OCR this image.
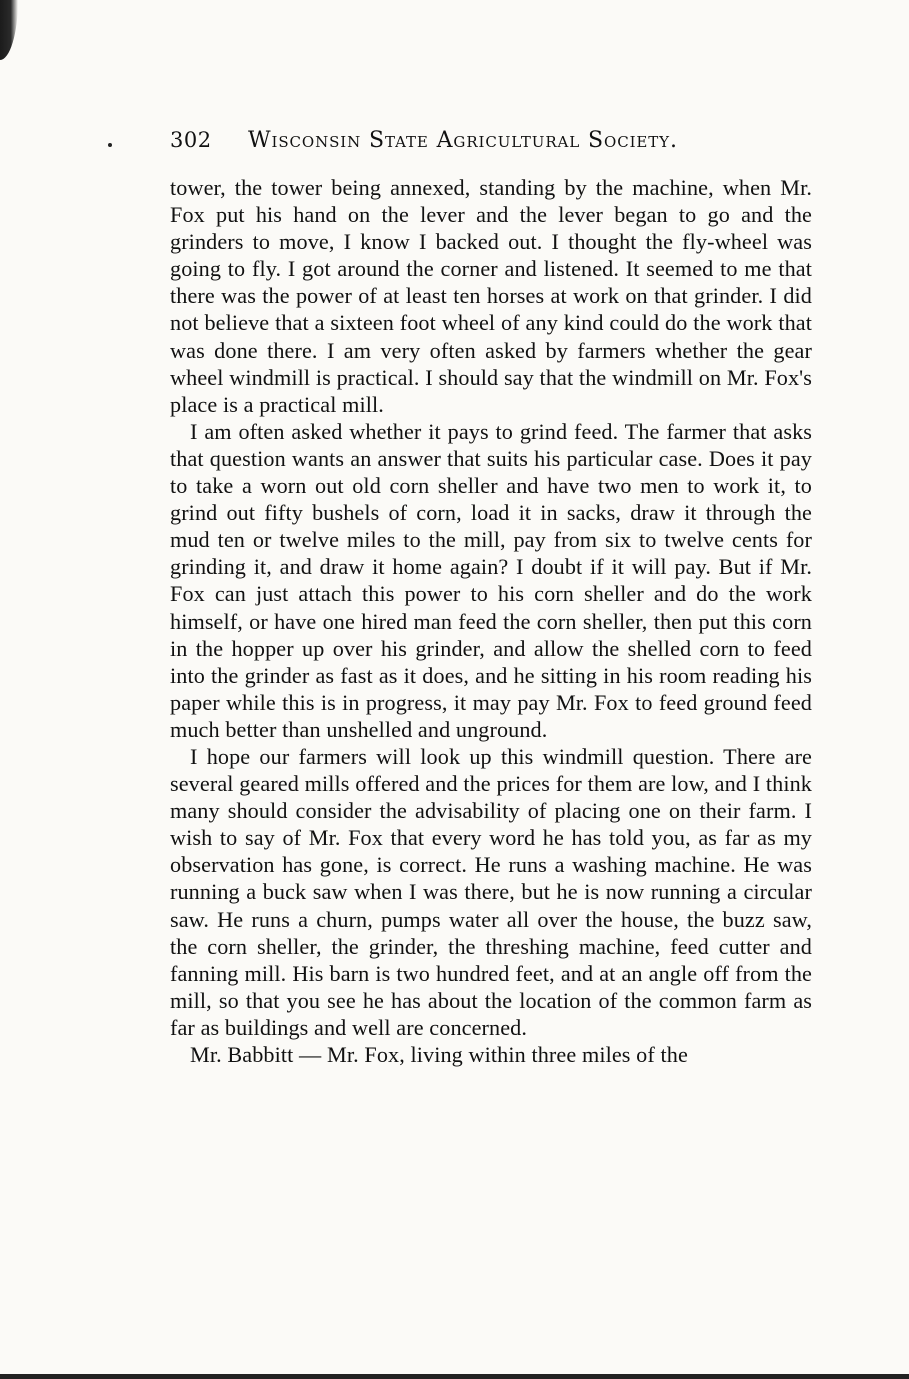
302	Wisconsin State Agricultural Society.

tower, the tower being annexed, standing by the machine, when Mr. Fox put his hand on the lever and the lever began to go and the grinders to move, I know I backed out. I thought the fly-wheel was going to fly. I got around the corner and listened. It seemed to me that there was the power of at least ten horses at work on that grinder. I did not believe that a sixteen foot wheel of any kind could do the work that was done there. I am very often asked by farmers whether the gear wheel windmill is practical. I should say that the windmill on Mr. Fox's place is a practical mill.

I am often asked whether it pays to grind feed. The farmer that asks that question wants an answer that suits his particular case. Does it pay to take a worn out old corn sheller and have two men to work it, to grind out fifty bushels of corn, load it in sacks, draw it through the mud ten or twelve miles to the mill, pay from six to twelve cents for grinding it, and draw it home again? I doubt if it will pay. But if Mr. Fox can just attach this power to his corn sheller and do the work himself, or have one hired man feed the corn sheller, then put this corn in the hopper up over his grinder, and allow the shelled corn to feed into the grinder as fast as it does, and he sitting in his room reading his paper while this is in progress, it may pay Mr. Fox to feed ground feed much better than unshelled and unground.

I hope our farmers will look up this windmill question. There are several geared mills offered and the prices for them are low, and I think many should consider the advisability of placing one on their farm. I wish to say of Mr. Fox that every word he has told you, as far as my observation has gone, is correct. He runs a washing machine. He was running a buck saw when I was there, but he is now running a circular saw. He runs a churn, pumps water all over the house, the buzz saw, the corn sheller, the grinder, the threshing machine, feed cutter and fanning mill. His barn is two hundred feet, and at an angle off from the mill, so that you see he has about the location of the common farm as far as buildings and well are concerned.

Mr. Babbitt — Mr. Fox, living within three miles of the
